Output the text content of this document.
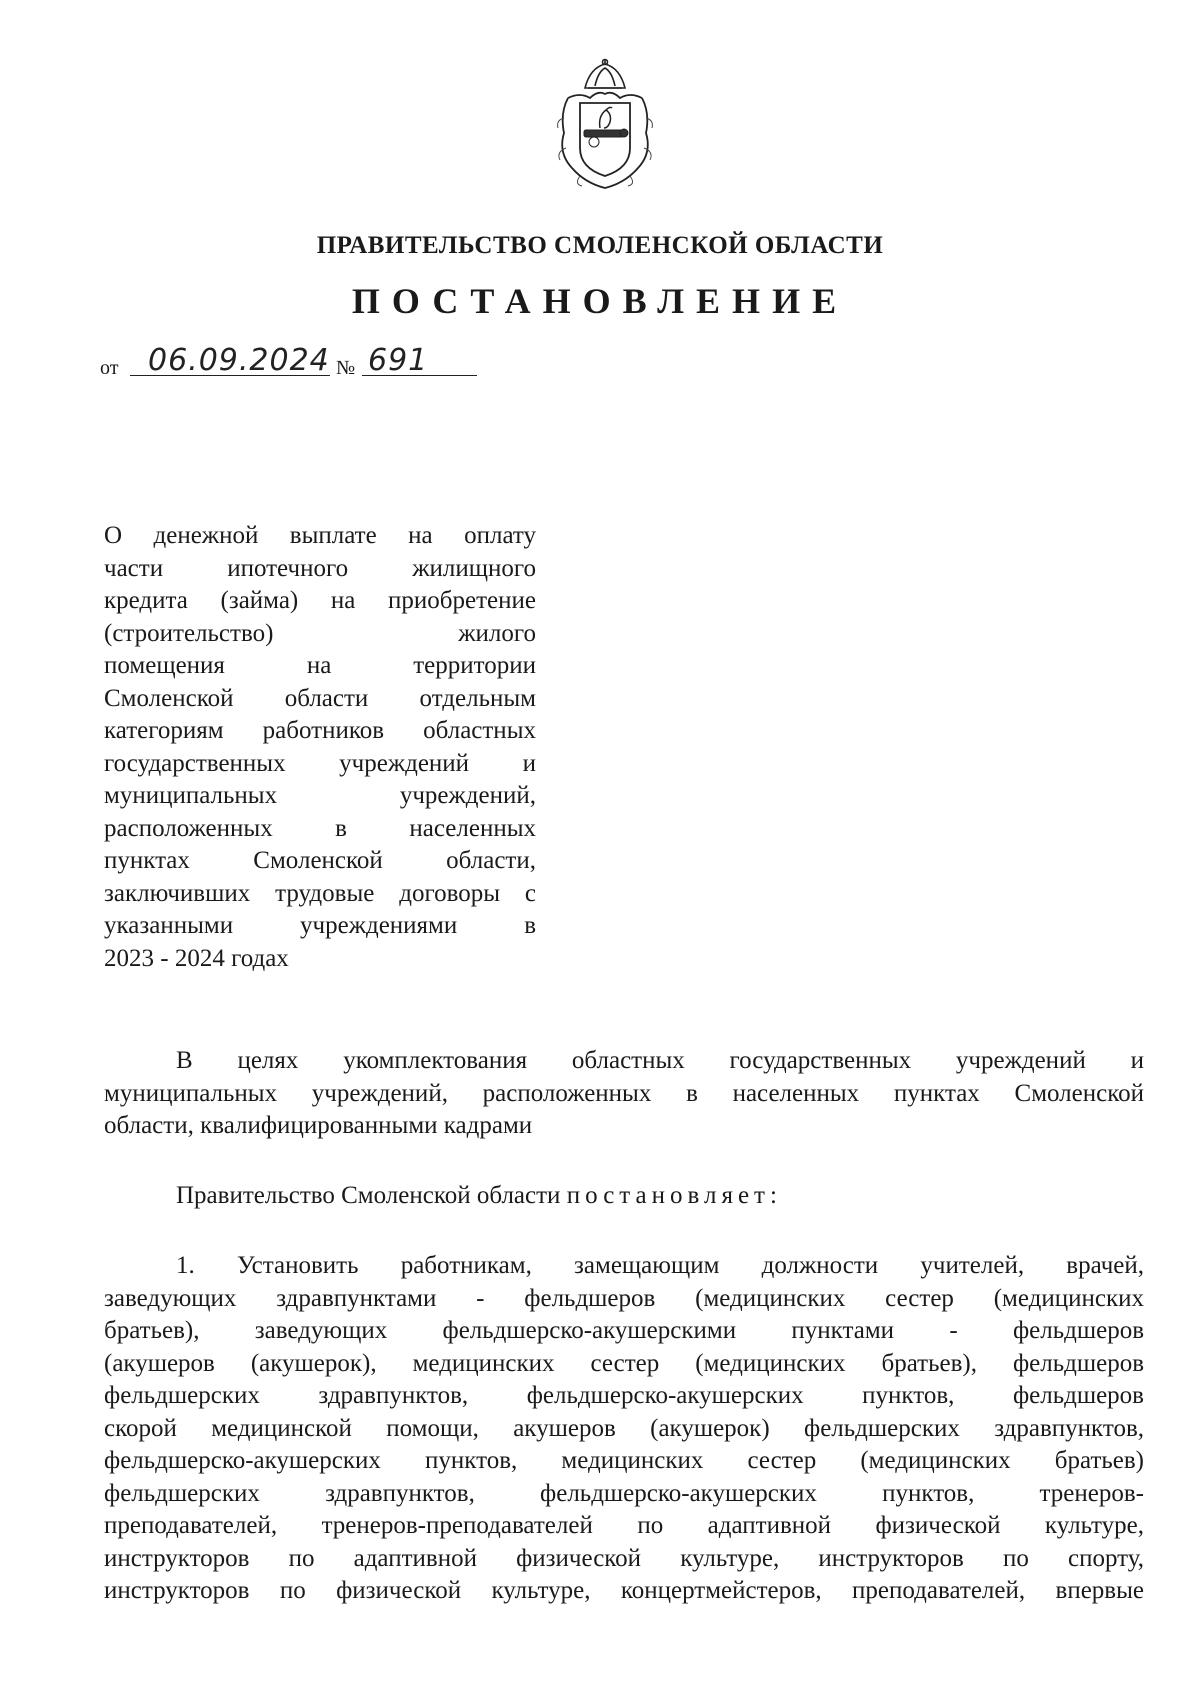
ПРАВИТЕЛЬСТВО СМОЛЕНСКОЙ ОБЛАСТИ
ПОСТАНОВЛЕНИЕ
от 06.09.2024 № 691
О денежной выплате на оплату
части ипотечного жилищного
кредита (займа) на приобретение
(строительство) жилого
помещения на территории
Смоленской области отдельным
категориям работников областных
государственных учреждений и
муниципальных учреждений,
расположенных в населенных
пунктах Смоленской области,
заключивших трудовые договоры с
указанными учреждениями в
2023 - 2024 годах
В целях укомплектования областных государственных учреждений и
муниципальных учреждений, расположенных в населенных пунктах Смоленской
области, квалифицированными кадрами
Правительство Смоленской области постановляет:
1. Установить работникам, замещающим должности учителей, врачей,
заведующих здравпунктами - фельдшеров (медицинских сестер (медицинских
братьев), заведующих фельдшерско-акушерскими пунктами - фельдшеров
(акушеров (акушерок), медицинских сестер (медицинских братьев), фельдшеров
фельдшерских здравпунктов, фельдшерско-акушерских пунктов, фельдшеров
скорой медицинской помощи, акушеров (акушерок) фельдшерских здравпунктов,
фельдшерско-акушерских пунктов, медицинских сестер (медицинских братьев)
фельдшерских здравпунктов, фельдшерско-акушерских пунктов, тренеров-
преподавателей, тренеров-преподавателей по адаптивной физической культуре,
инструкторов по адаптивной физической культуре, инструкторов по спорту,
инструкторов по физической культуре, концертмейстеров, преподавателей, впервые
